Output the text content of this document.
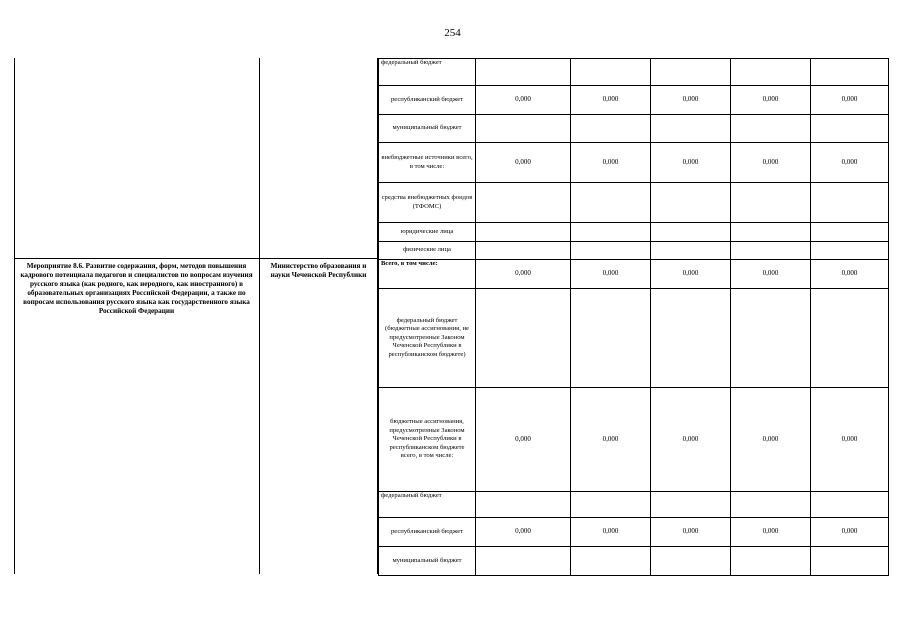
254
Мероприятие 8.6. Развитие содержания, форм, методов повышения кадрового потенциала педагогов и специалистов по вопросам изучения русского языка (как родного, как неродного, как иностранного) в образовательных организациях Российской Федерации, а также по вопросам использования русского языка как государственного языка Российской Федерации
Министерство образования и науки Чеченской Республики
федеральный бюджет					
республиканский бюджет	0,000	0,000	0,000	0,000	0,000
муниципальный бюджет					
внебюджетные источники всего, в том числе:	0,000	0,000	0,000	0,000	0,000
средства внебюджетных фондов (ТФОМС)					
юридические лица					
физические лица					
Всего, в том числе:	0,000	0,000	0,000	0,000	0,000
федеральный бюджет (бюджетные ассигнования, не предусмотренные Законом Чеченской Республики в республиканском бюджете)					
бюджетные ассигнования, предусмотренные Законом Чеченской Республики в республиканском бюджете всего, в том числе:	0,000	0,000	0,000	0,000	0,000
федеральный бюджет					
республиканский бюджет	0,000	0,000	0,000	0,000	0,000
муниципальный бюджет					
